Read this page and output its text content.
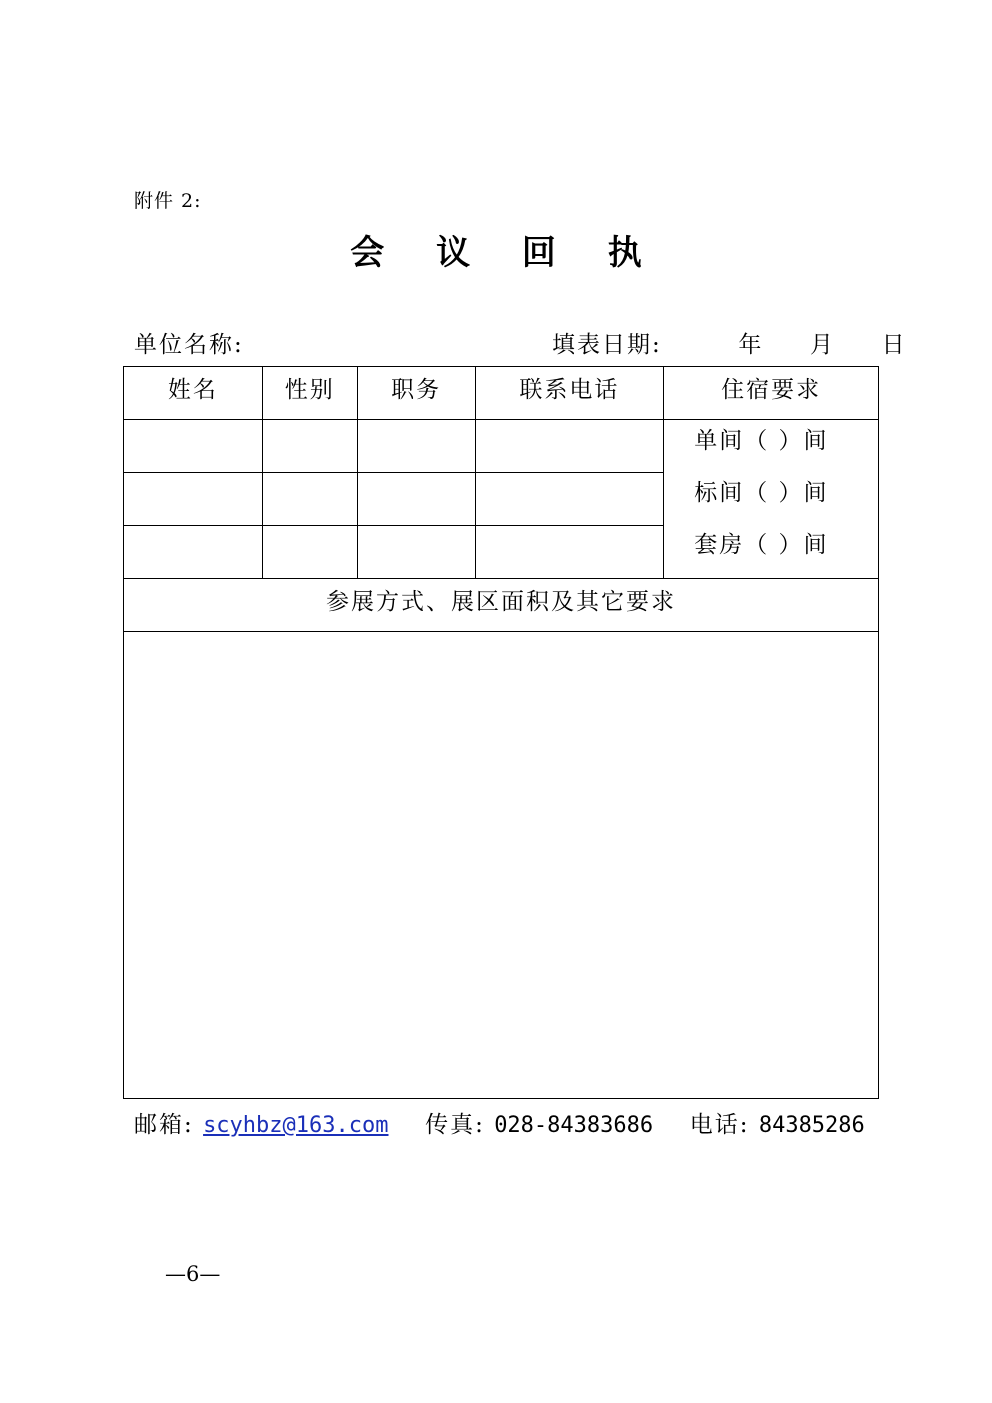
附件 2:
会 议 回 执
单位名称:	填表日期:	年 月 日
姓名	性别	职务	联系电话	住宿要求

				单间（ ）间
标间（ ）间
套房（ ）间

参展方式、展区面积及其它要求				

邮箱: scyhbz@163.com 传真: 028-84383686 电话: 84385286
—6—
